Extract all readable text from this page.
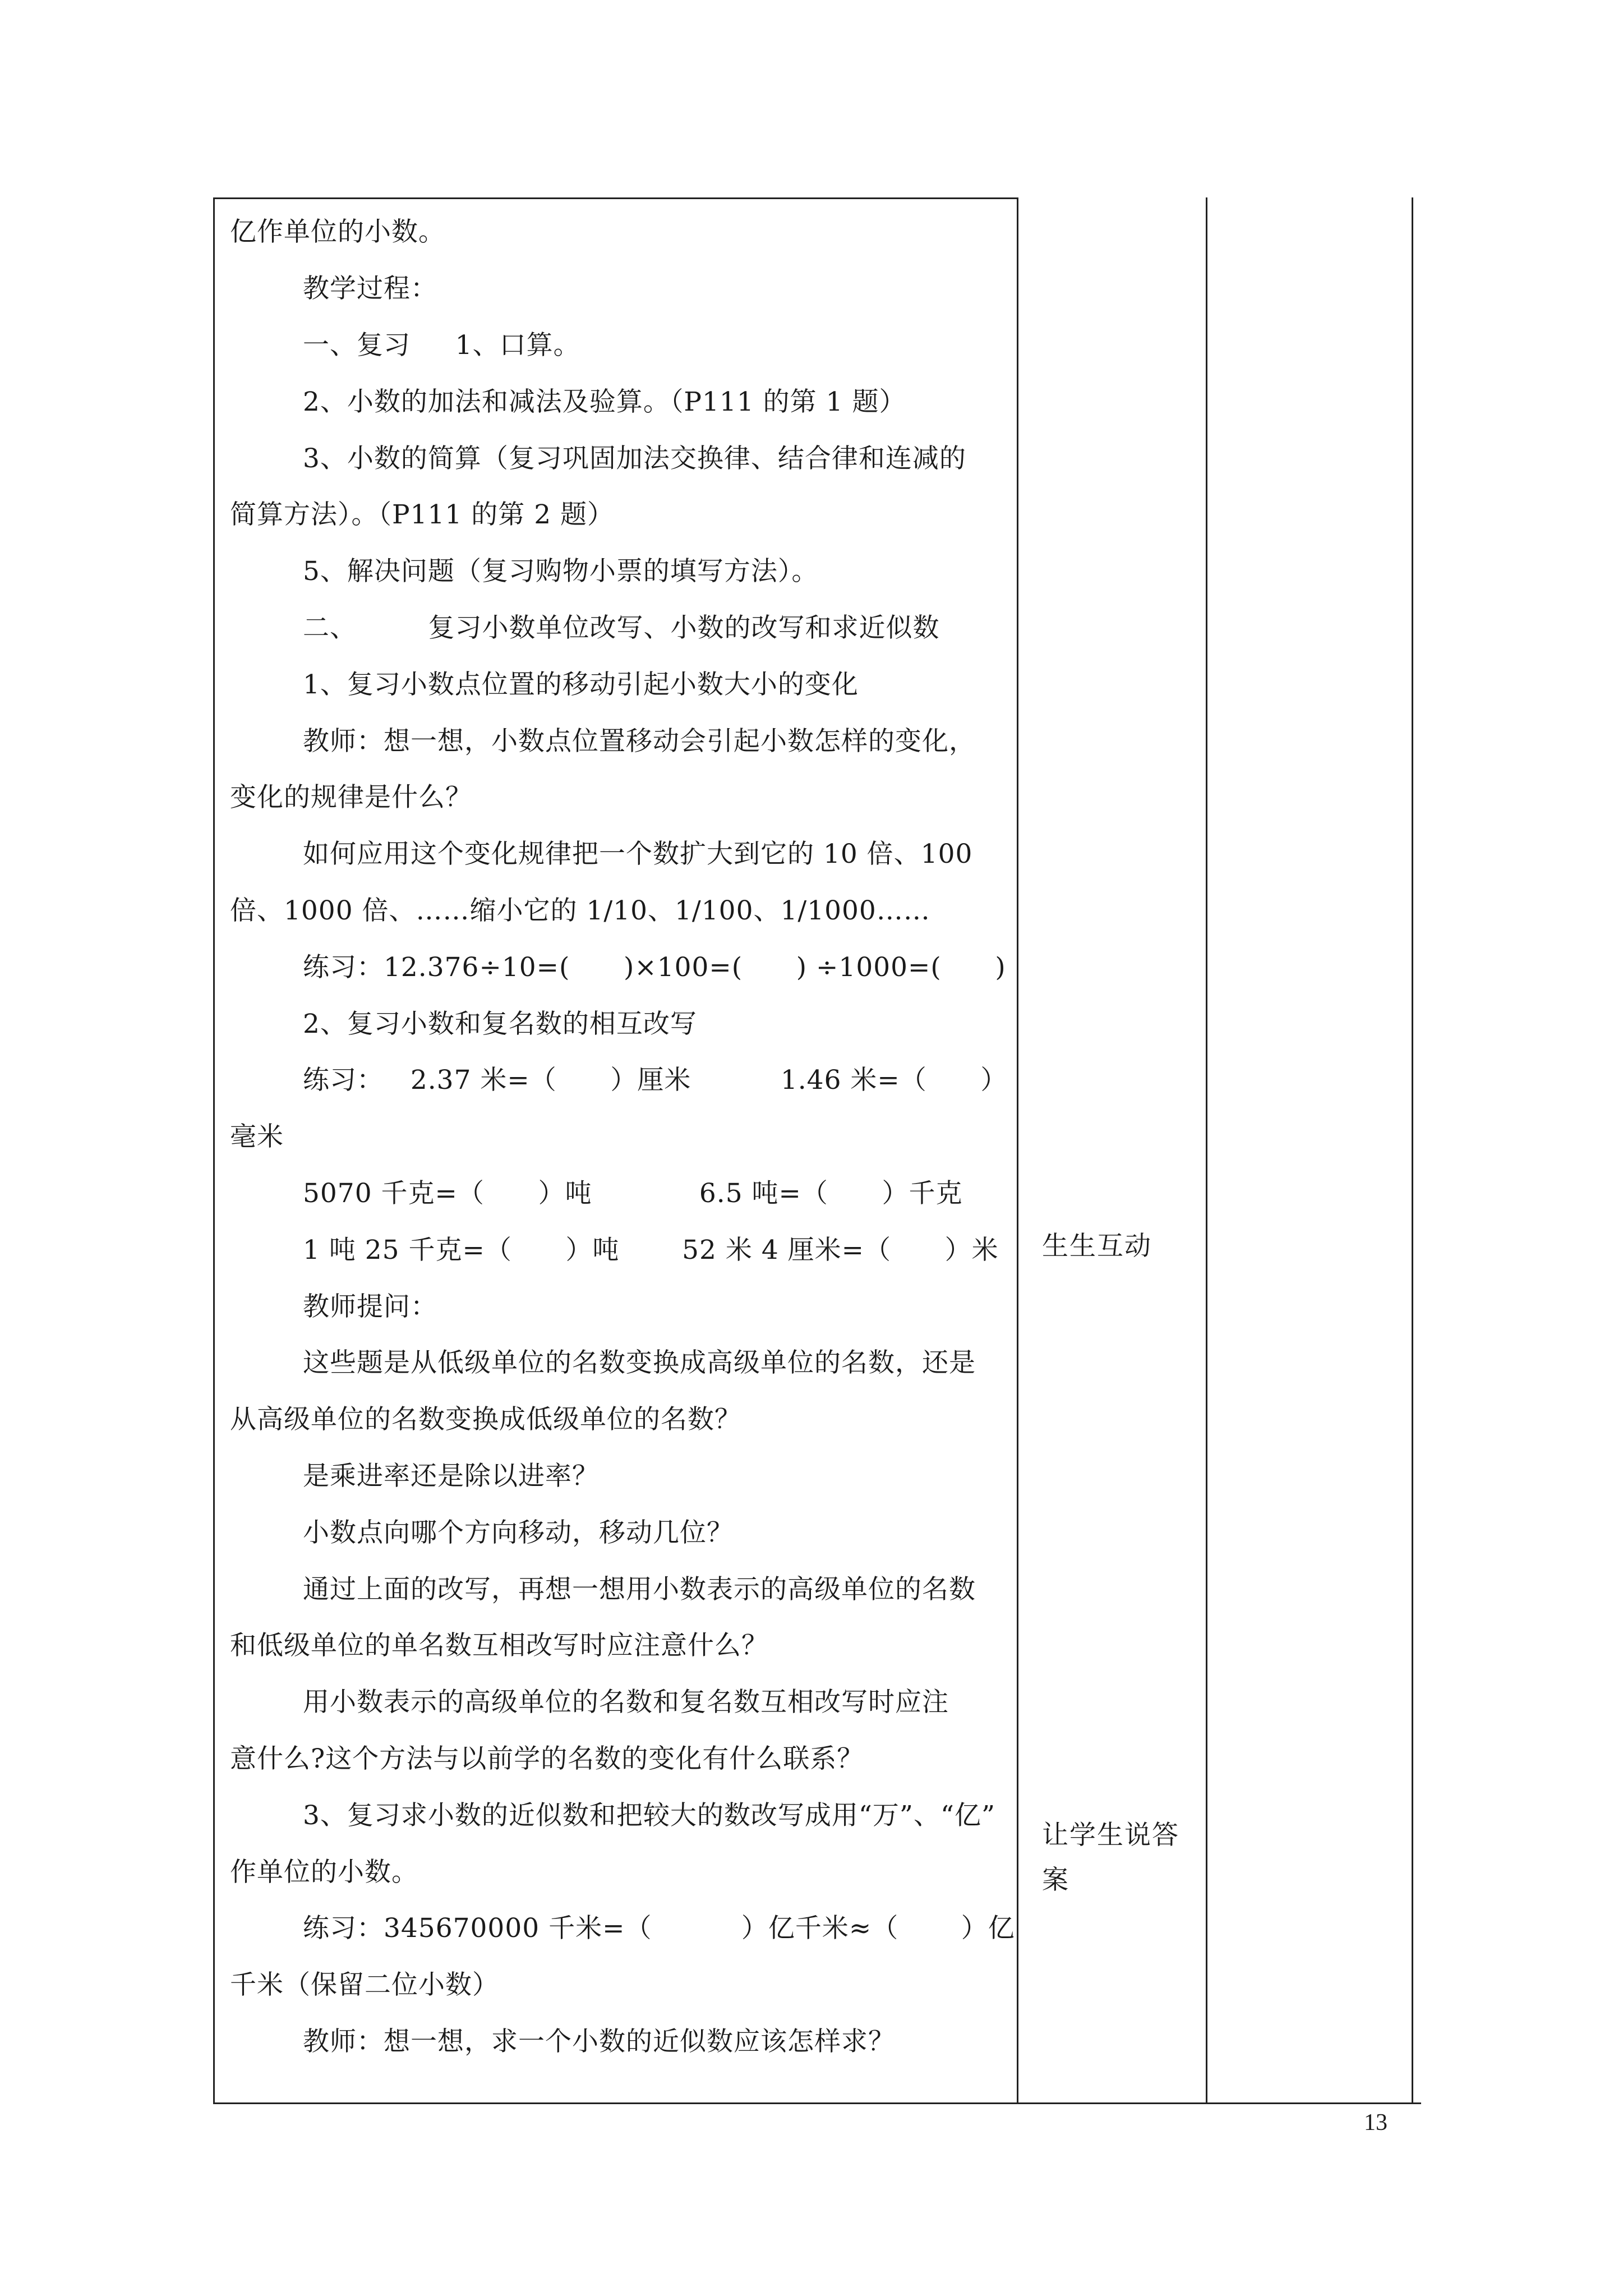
亿作单位的小数。
教学过程：
一、复习     1、口算。
2、小数的加法和减法及验算。（P111 的第 1 题）
3、小数的简算（复习巩固加法交换律、结合律和连减的
简算方法）。（P111 的第 2 题）
5、解决问题（复习购物小票的填写方法）。
二、        复习小数单位改写、小数的改写和求近似数
1、复习小数点位置的移动引起小数大小的变化
教师：想一想，小数点位置移动会引起小数怎样的变化，
变化的规律是什么？
如何应用这个变化规律把一个数扩大到它的 10 倍、100
倍、1000 倍、……缩小它的 1/10、1/100、1/1000……
练习：12.376÷10=(      )×100=(      ) ÷1000=(      )
2、复习小数和复名数的相互改写
练习：   2.37 米=（      ）厘米          1.46 米=（      ）
毫米
5070 千克=（      ）吨            6.5 吨=（      ）千克
1 吨 25 千克=（      ）吨       52 米 4 厘米=（      ）米
教师提问：
这些题是从低级单位的名数变换成高级单位的名数，还是
从高级单位的名数变换成低级单位的名数？
是乘进率还是除以进率？
小数点向哪个方向移动，移动几位？
通过上面的改写，再想一想用小数表示的高级单位的名数
和低级单位的单名数互相改写时应注意什么？
用小数表示的高级单位的名数和复名数互相改写时应注
意什么?这个方法与以前学的名数的变化有什么联系？
3、复习求小数的近似数和把较大的数改写成用“万”、“亿”
作单位的小数。
练习：345670000 千米=（          ）亿千米≈（       ）亿
千米（保留二位小数）
教师：想一想，求一个小数的近似数应该怎样求？
生生互动
让学生说答
案
13
